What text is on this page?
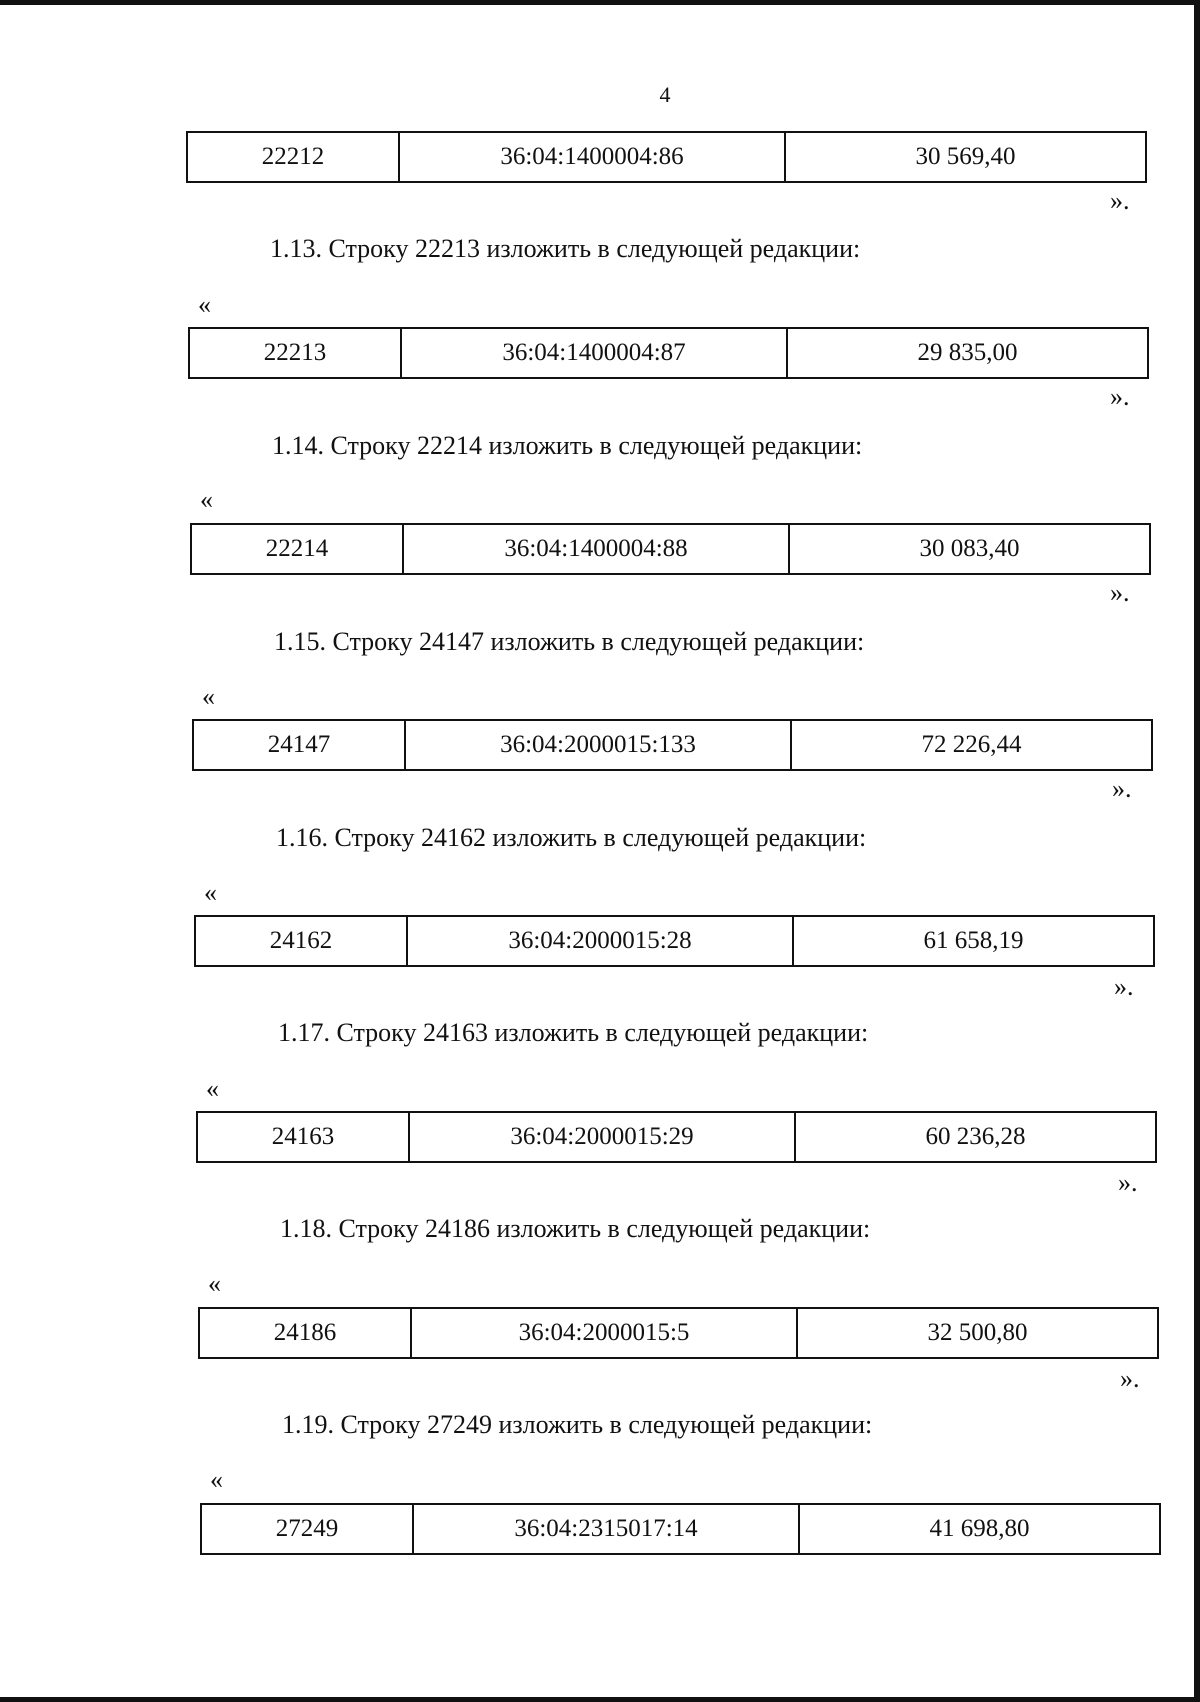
4
22212	36:04:1400004:86	30 569,40
».
1.13. Строку 22213 изложить в следующей редакции:
«
22213	36:04:1400004:87	29 835,00
».
1.14. Строку 22214 изложить в следующей редакции:
«
22214	36:04:1400004:88	30 083,40
».
1.15. Строку 24147 изложить в следующей редакции:
«
24147	36:04:2000015:133	72 226,44
».
1.16. Строку 24162 изложить в следующей редакции:
«
24162	36:04:2000015:28	61 658,19
».
1.17. Строку 24163 изложить в следующей редакции:
«
24163	36:04:2000015:29	60 236,28
».
1.18. Строку 24186 изложить в следующей редакции:
«
24186	36:04:2000015:5	32 500,80
».
1.19. Строку 27249 изложить в следующей редакции:
«
27249	36:04:2315017:14	41 698,80
